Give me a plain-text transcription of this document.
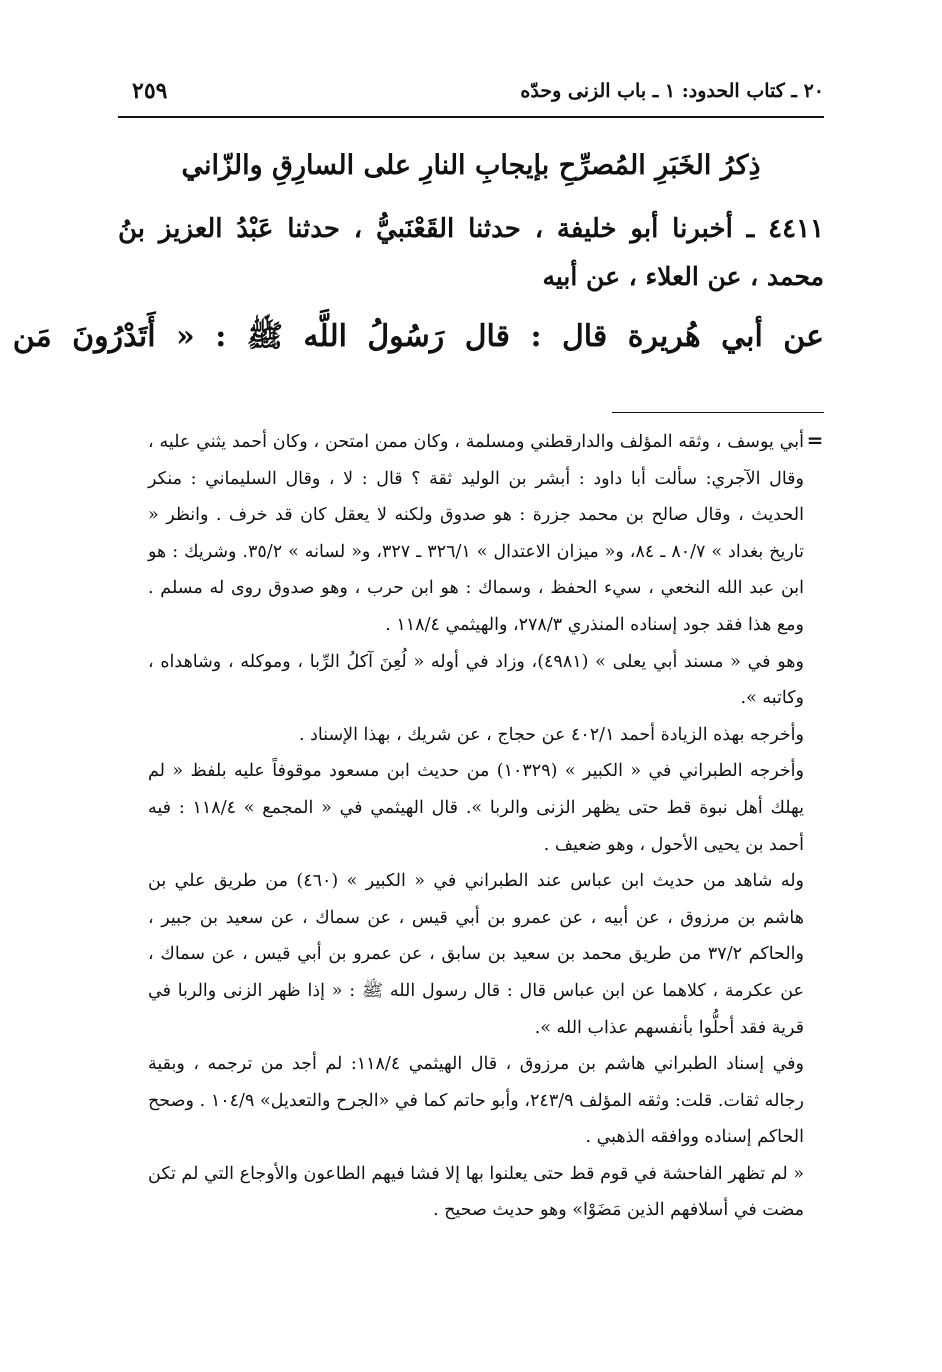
٢٥٩	٢٠ ـ كتاب الحدود: ١ ـ باب الزنى وحدّه
ذِكرُ الخَبَرِ المُصرِّحِ بإيجابِ النارِ على السارِقِ والزّاني
٤٤١١ ـ أخبرنا أبو خليفة ، حدثنا القَعْنَبيُّ ، حدثنا عَبْدُ العزيز بنُ
محمد ، عن العلاء ، عن أبيه
عن أبي هُريرة قال : قال رَسُولُ اللَّه ﷺ : « أَتَدْرُونَ مَن
=

أبي يوسف ، وثقه المؤلف والدارقطني ومسلمة ، وكان ممن امتحن ، وكان أحمد يثني عليه ، وقال الآجري: سألت أبا داود : أبشر بن الوليد ثقة ؟ قال : لا ، وقال السليماني : منكر الحديث ، وقال صالح بن محمد جزرة : هو صدوق ولكنه لا يعقل كان قد خرف . وانظر « تاريخ بغداد » ٨٠/٧ ـ ٨٤، و« ميزان الاعتدال » ٣٢٦/١ ـ ٣٢٧، و« لسانه » ٣٥/٢. وشريك : هو ابن عبد الله النخعي ، سيء الحفظ ، وسماك : هو ابن حرب ، وهو صدوق روى له مسلم . ومع هذا فقد جود إسناده المنذري ٢٧٨/٣، والهيثمي ١١٨/٤ .

وهو في « مسند أبي يعلى » (٤٩٨١)، وزاد في أوله « لُعِنَ آكلُ الرِّبا ، وموكله ، وشاهداه ، وكاتبه ».

وأخرجه بهذه الزيادة أحمد ٤٠٢/١ عن حجاج ، عن شريك ، بهذا الإسناد .

وأخرجه الطبراني في « الكبير » (١٠٣٢٩) من حديث ابن مسعود موقوفاً عليه بلفظ « لم يهلك أهل نبوة قط حتى يظهر الزنى والربا ». قال الهيثمي في « المجمع » ١١٨/٤ : فيه أحمد بن يحيى الأحول ، وهو ضعيف .

وله شاهد من حديث ابن عباس عند الطبراني في « الكبير » (٤٦٠) من طريق علي بن هاشم بن مرزوق ، عن أبيه ، عن عمرو بن أبي قيس ، عن سماك ، عن سعيد بن جبير ، والحاكم ٣٧/٢ من طريق محمد بن سعيد بن سابق ، عن عمرو بن أبي قيس ، عن سماك ، عن عكرمة ، كلاهما عن ابن عباس قال : قال رسول الله ﷺ : « إذا ظهر الزنى والربا في قرية فقد أحلُّوا بأنفسهم عذاب الله ».

وفي إسناد الطبراني هاشم بن مرزوق ، قال الهيثمي ١١٨/٤: لم أجد من ترجمه ، وبقية رجاله ثقات. قلت: وثقه المؤلف ٢٤٣/٩، وأبو حاتم كما في «الجرح والتعديل» ١٠٤/٩ . وصحح الحاكم إسناده ووافقه الذهبي .

« لم تظهر الفاحشة في قوم قط حتى يعلنوا بها إلا فشا فيهم الطاعون والأوجاع التي لم تكن مضت في أسلافهم الذين مَضَوْا» وهو حديث صحيح .
